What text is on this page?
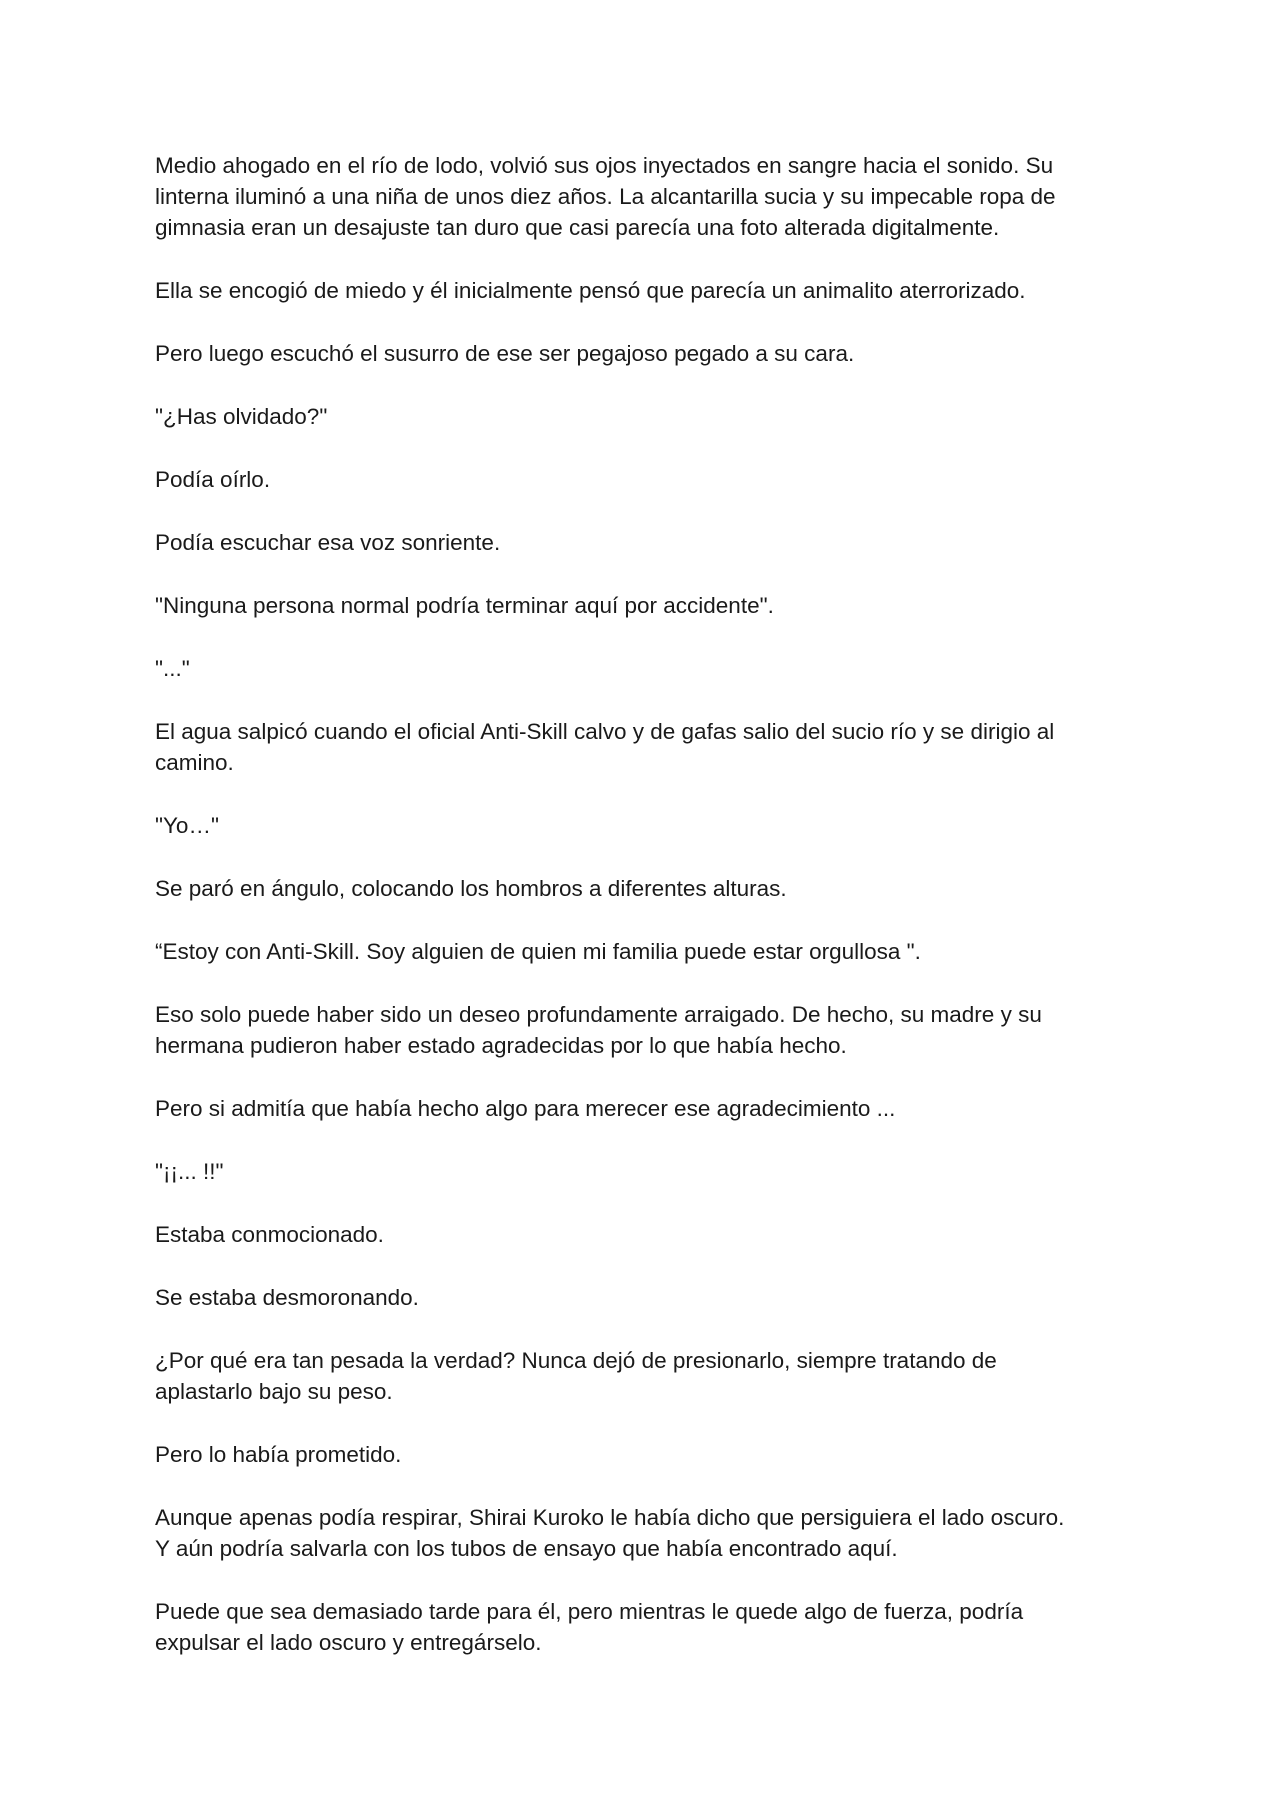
Medio ahogado en el río de lodo, volvió sus ojos inyectados en sangre hacia el sonido. Su
linterna iluminó a una niña de unos diez años. La alcantarilla sucia y su impecable ropa de
gimnasia eran un desajuste tan duro que casi parecía una foto alterada digitalmente.

Ella se encogió de miedo y él inicialmente pensó que parecía un animalito aterrorizado.

Pero luego escuchó el susurro de ese ser pegajoso pegado a su cara.

"¿Has olvidado?"

Podía oírlo.

Podía escuchar esa voz sonriente.

"Ninguna persona normal podría terminar aquí por accidente".

"..."

El agua salpicó cuando el oficial Anti-Skill calvo y de gafas salio del sucio río y se dirigio al
camino.

"Yo…"

Se paró en ángulo, colocando los hombros a diferentes alturas.

“Estoy con Anti-Skill. Soy alguien de quien mi familia puede estar orgullosa ".

Eso solo puede haber sido un deseo profundamente arraigado. De hecho, su madre y su
hermana pudieron haber estado agradecidas por lo que había hecho.

Pero si admitía que había hecho algo para merecer ese agradecimiento ...

"¡¡... !!"

Estaba conmocionado.

Se estaba desmoronando.

¿Por qué era tan pesada la verdad? Nunca dejó de presionarlo, siempre tratando de
aplastarlo bajo su peso.

Pero lo había prometido.

Aunque apenas podía respirar, Shirai Kuroko le había dicho que persiguiera el lado oscuro.
Y aún podría salvarla con los tubos de ensayo que había encontrado aquí.

Puede que sea demasiado tarde para él, pero mientras le quede algo de fuerza, podría
expulsar el lado oscuro y entregárselo.
